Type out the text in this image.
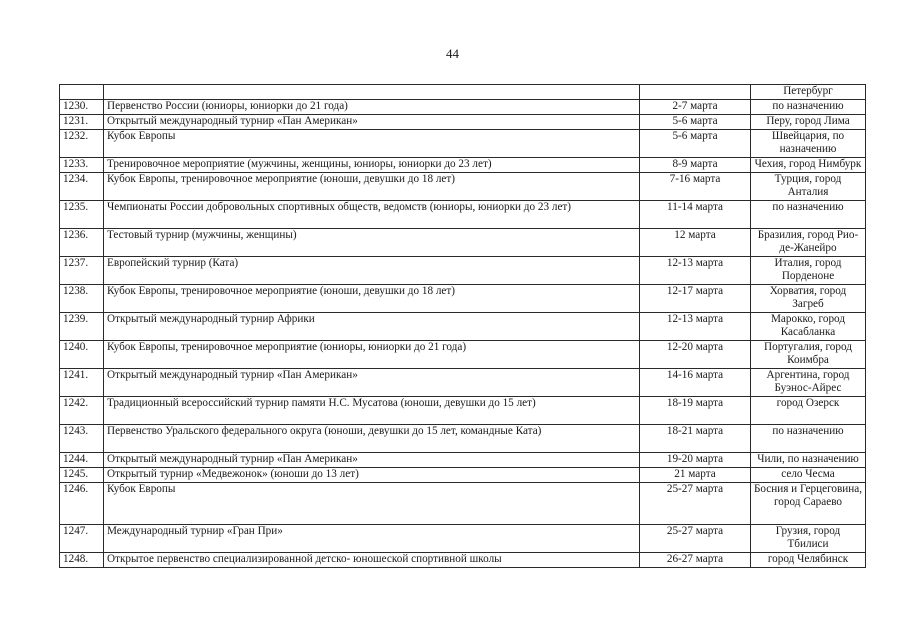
44
			Петербург
1230.	Первенство России (юниоры, юниорки до 21 года)	2-7 марта	по назначению
1231.	Открытый международный турнир «Пан Американ»	5-6 марта	Перу, город Лима
1232.	Кубок Европы	5-6 марта	Швейцария, по назначению
1233.	Тренировочное мероприятие (мужчины, женщины, юниоры, юниорки до 23 лет)	8-9 марта	Чехия, город Нимбурк
1234.	Кубок Европы, тренировочное мероприятие (юноши, девушки до 18 лет)	7-16 марта	Турция, город Анталия
1235.	Чемпионаты России добровольных спортивных обществ, ведомств (юниоры, юниорки до 23 лет)	11-14 марта	по назначению
1236.	Тестовый турнир (мужчины, женщины)	12 марта	Бразилия, город Рио-де-Жанейро
1237.	Европейский турнир (Ката)	12-13 марта	Италия, город Порденоне
1238.	Кубок Европы, тренировочное мероприятие (юноши, девушки до 18 лет)	12-17 марта	Хорватия, город Загреб
1239.	Открытый международный турнир Африки	12-13 марта	Марокко, город Касабланка
1240.	Кубок Европы, тренировочное мероприятие (юниоры, юниорки до 21 года)	12-20 марта	Португалия, город Коимбра
1241.	Открытый международный турнир «Пан Американ»	14-16 марта	Аргентина, город Буэнос-Айрес
1242.	Традиционный всероссийский турнир памяти Н.С. Мусатова (юноши, девушки до 15 лет)	18-19 марта	город Озерск
1243.	Первенство Уральского федерального округа (юноши, девушки до 15 лет, командные Ката)	18-21 марта	по назначению
1244.	Открытый международный турнир «Пан Американ»	19-20 марта	Чили, по назначению
1245.	Открытый турнир «Медвежонок» (юноши до 13 лет)	21 марта	село Чесма
1246.	Кубок Европы	25-27 марта	Босния и Герцеговина, город Сараево
1247.	Международный турнир «Гран При»	25-27 марта	Грузия, город Тбилиси
1248.	Открытое первенство специализированной детско- юношеской спортивной школы	26-27 марта	город Челябинск
